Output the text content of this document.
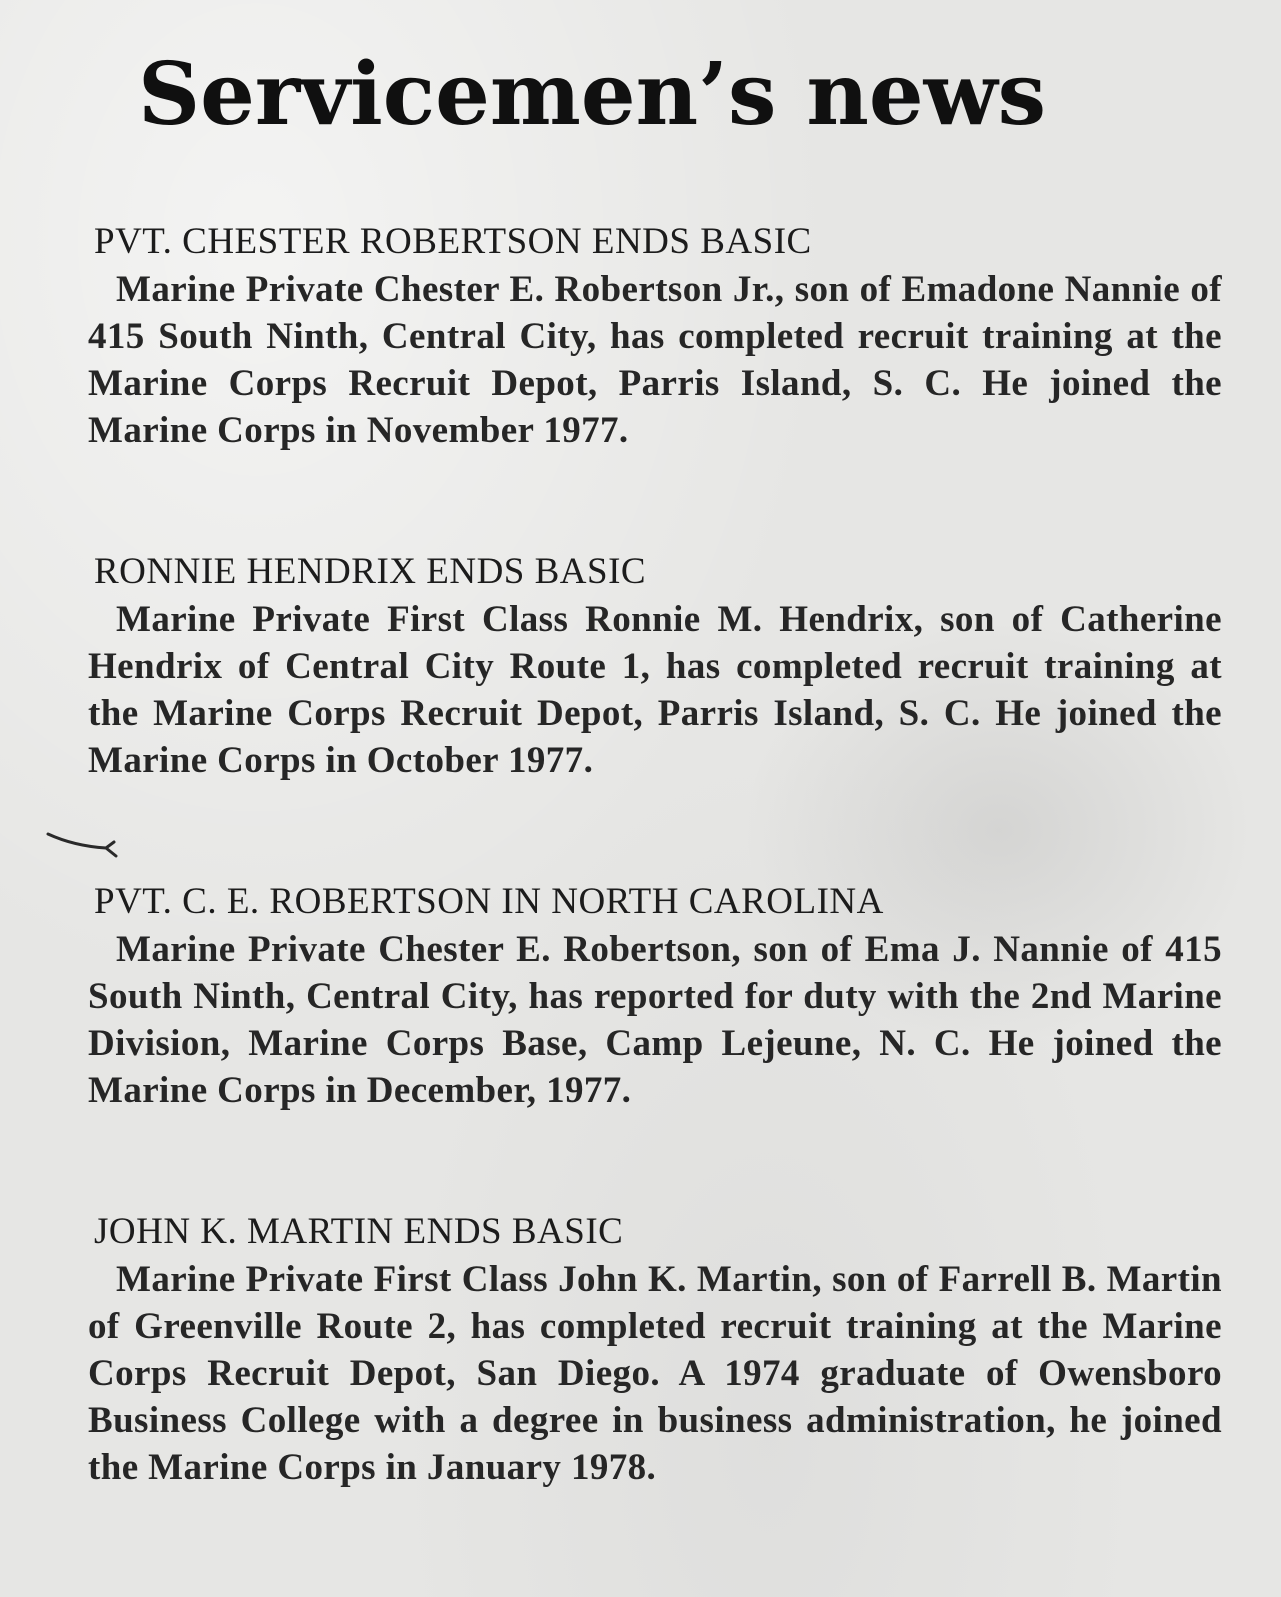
Servicemen’s news
PVT. CHESTER ROBERTSON ENDS BASIC

Marine Private Chester E. Robertson Jr., son of Emadone Nannie of 415 South Ninth, Central City, has completed recruit training at the Marine Corps Recruit Depot, Parris Island, S. C. He joined the Marine Corps in November 1977.

RONNIE HENDRIX ENDS BASIC

Marine Private First Class Ronnie M. Hendrix, son of Catherine Hendrix of Central City Route 1, has completed recruit training at the Marine Corps Recruit Depot, Parris Island, S. C. He joined the Marine Corps in October 1977.

PVT. C. E. ROBERTSON IN NORTH CAROLINA

Marine Private Chester E. Robertson, son of Ema J. Nannie of 415 South Ninth, Central City, has reported for duty with the 2nd Marine Division, Marine Corps Base, Camp Lejeune, N. C. He joined the Marine Corps in December, 1977.

JOHN K. MARTIN ENDS BASIC

Marine Private First Class John K. Martin, son of Farrell B. Martin of Greenville Route 2, has completed recruit training at the Marine Corps Recruit Depot, San Diego. A 1974 graduate of Owensboro Business College with a degree in business administration, he joined the Marine Corps in January 1978.
